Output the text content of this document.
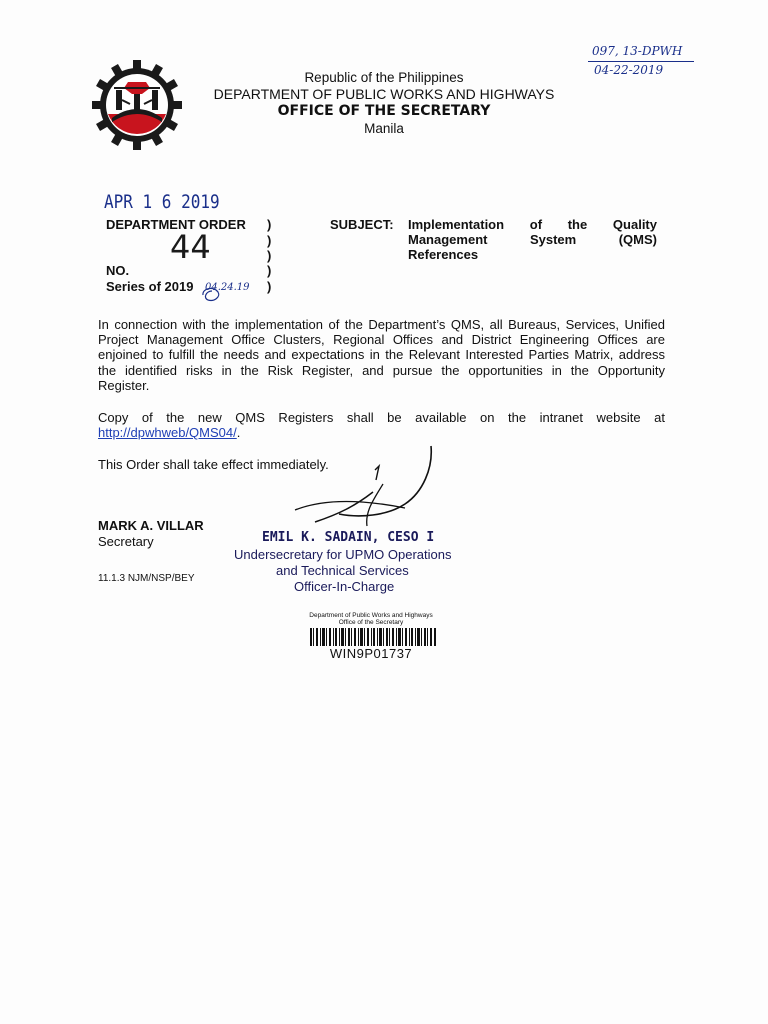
Republic of the Philippines
DEPARTMENT OF PUBLIC WORKS AND HIGHWAYS
OFFICE OF THE SECRETARY
Manila
097, 13-DPWH
04-22-2019
APR 1 6 2019
DEPARTMENT ORDER
44
NO.
Series of 2019 04.24.19
)
)
)
)
)
SUBJECT: Implementation of the Quality
Management System (QMS)
References
In connection with the implementation of the Department’s QMS, all Bureaus, Services, Unified
Project Management Office Clusters, Regional Offices and District Engineering Offices are
enjoined to fulfill the needs and expectations in the Relevant Interested Parties Matrix, address
the identified risks in the Risk Register, and pursue the opportunities in the Opportunity
Register.
Copy of the new QMS Registers shall be available on the intranet website at
http://dpwhweb/QMS04/.
This Order shall take effect immediately.
MARK A. VILLAR
Secretary
11.1.3 NJM/NSP/BEY
EMIL K. SADAIN, CESO I
Undersecretary for UPMO Operations
and Technical Services
Officer-In-Charge
Department of Public Works and Highways
Office of the Secretary
WIN9P01737
